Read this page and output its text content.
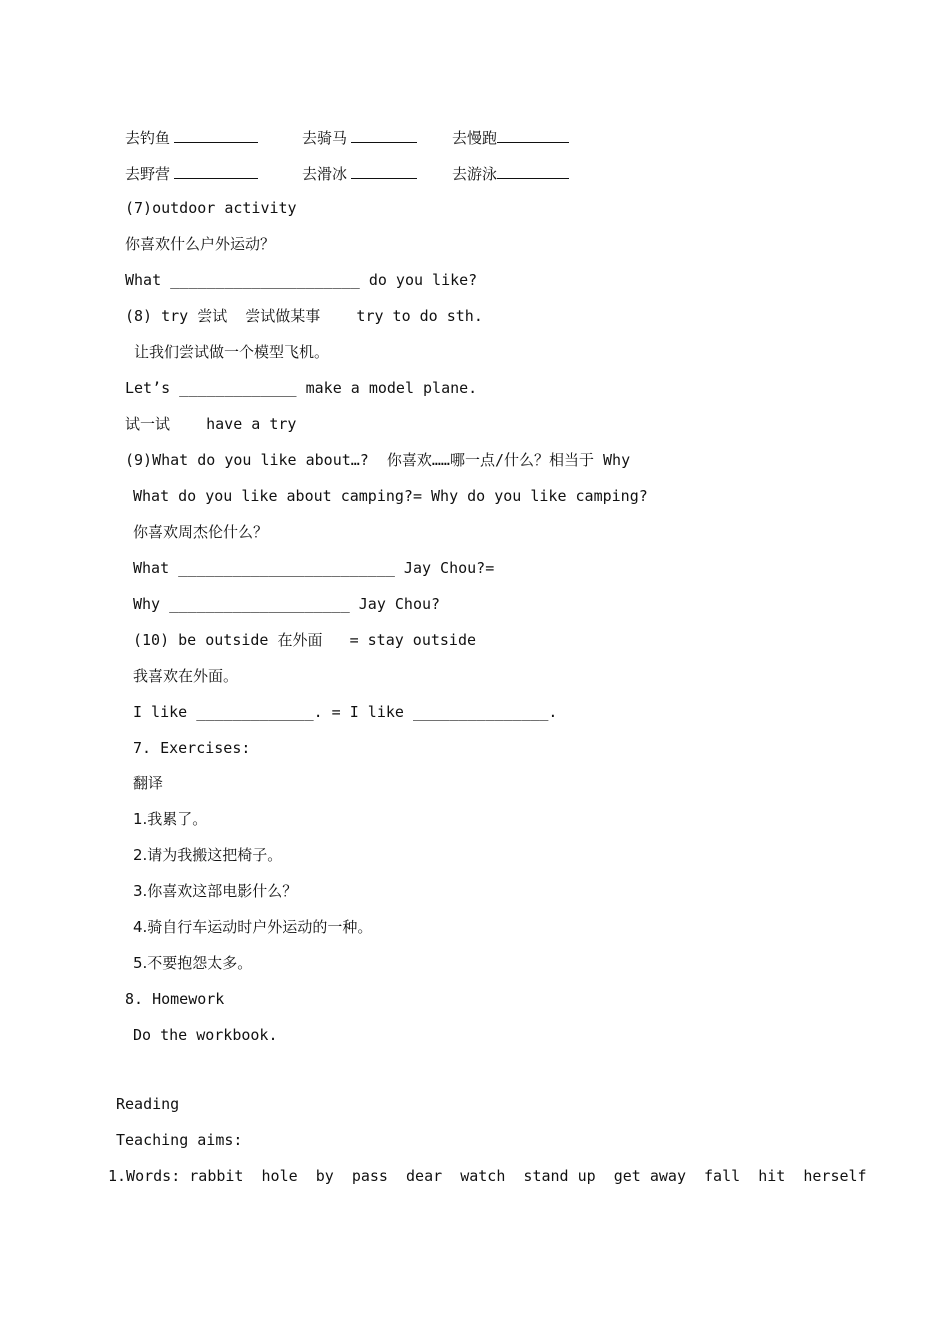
去钓鱼	去骑马	去慢跑
去野营	去滑冰	去游泳
(7)outdoor activity
你喜欢什么户外运动？
What _____________________ do you like?
(8) try 尝试  尝试做某事    try to do sth.
让我们尝试做一个模型飞机。
Let’s _____________ make a model plane.
试一试    have a try
(9)What do you like about…?  你喜欢……哪一点/什么？相当于 Why
What do you like about camping?= Why do you like camping?
你喜欢周杰伦什么？
What ________________________ Jay Chou?=
Why ____________________ Jay Chou?
(10) be outside 在外面   = stay outside
我喜欢在外面。
I like _____________. = I like _______________.
7. Exercises:
翻译
1.我累了。
2.请为我搬这把椅子。
3.你喜欢这部电影什么？
4.骑自行车运动时户外运动的一种。
5.不要抱怨太多。
8. Homework
Do the workbook.
Reading
Teaching aims:
1.Words: rabbit  hole  by  pass  dear  watch  stand up  get away  fall  hit  herself
